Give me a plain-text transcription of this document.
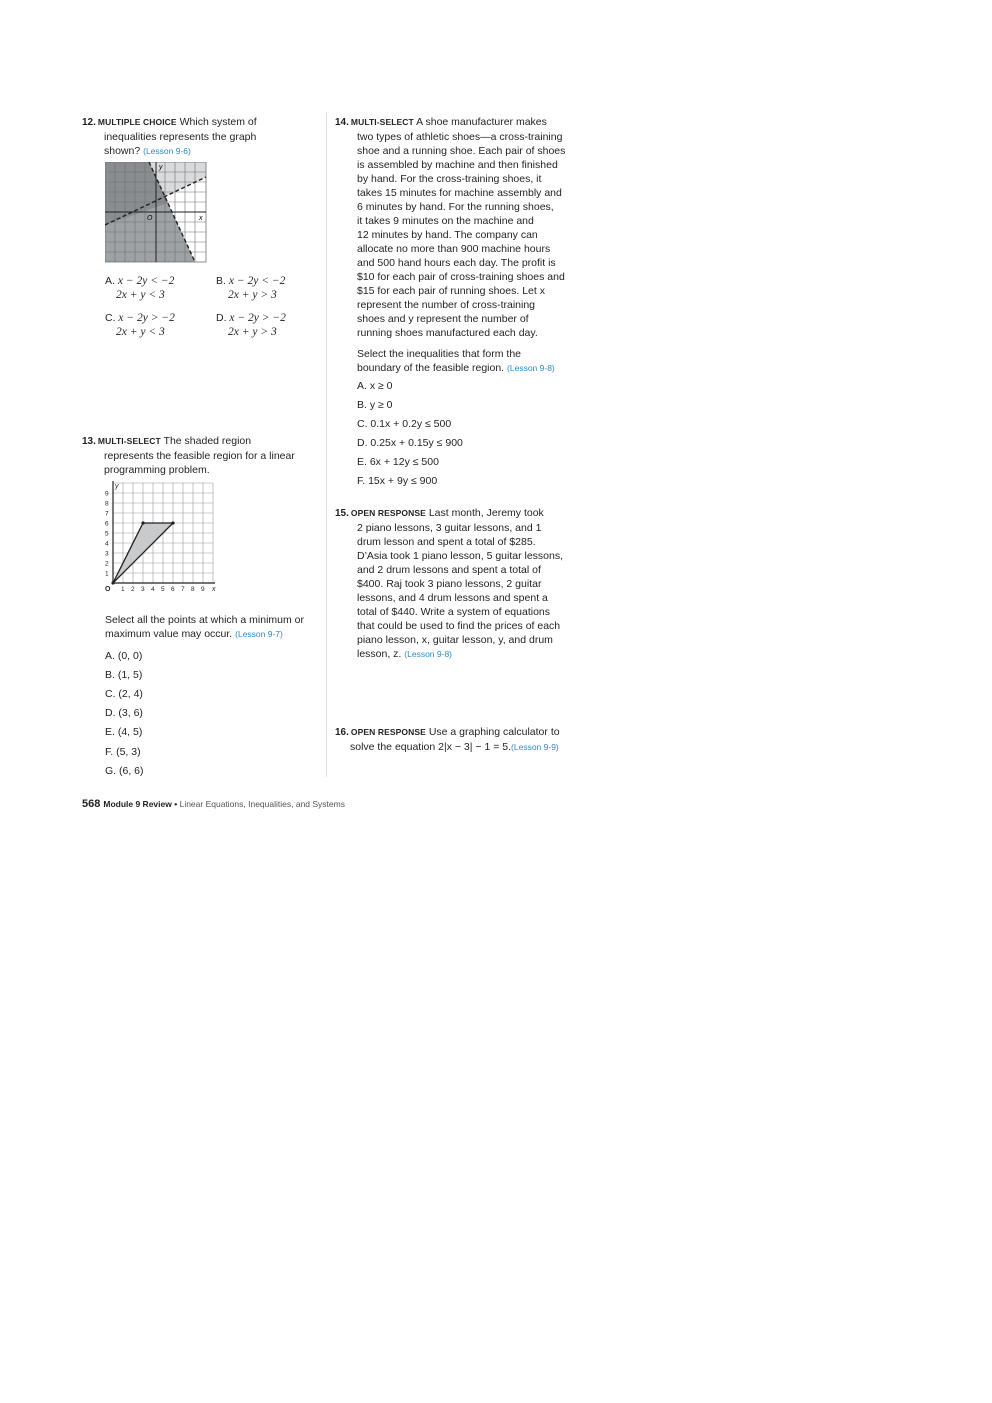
12. MULTIPLE CHOICE Which system of
inequalities represents the graph
shown? (Lesson 9-6)
O	x
y
A. x − 2y < −2
2x + y < 3
B. x − 2y < −2
2x + y > 3
C. x − 2y > −2
2x + y < 3
D. x − 2y > −2
2x + y > 3
13. MULTI-SELECT The shaded region
represents the feasible region for a linear
programming problem.
1 2 3 4 5 6 7 8 9
1
2
3
4
5
6
7
8
9
O	x
y
Select all the points at which a minimum or
maximum value may occur. (Lesson 9-7)
A. (0, 0)
B. (1, 5)
C. (2, 4)
D. (3, 6)
E. (4, 5)
F. (5, 3)
G. (6, 6)
14. MULTI-SELECT A shoe manufacturer makes
two types of athletic shoes—a cross-training
shoe and a running shoe. Each pair of shoes
is assembled by machine and then finished
by hand. For the cross-training shoes, it
takes 15 minutes for machine assembly and
6 minutes by hand. For the running shoes,
it takes 9 minutes on the machine and
12 minutes by hand. The company can
allocate no more than 900 machine hours
and 500 hand hours each day. The profit is
$10 for each pair of cross-training shoes and
$15 for each pair of running shoes. Let x
represent the number of cross-training
shoes and y represent the number of
running shoes manufactured each day.
Select the inequalities that form the
boundary of the feasible region. (Lesson 9-8)
A. x ≥ 0
B. y ≥ 0
C. 0.1x + 0.2y ≤ 500
D. 0.25x + 0.15y ≤ 900
E. 6x + 12y ≤ 500
F. 15x + 9y ≤ 900
15. OPEN RESPONSE Last month, Jeremy took
2 piano lessons, 3 guitar lessons, and 1
drum lesson and spent a total of $285.
D’Asia took 1 piano lesson, 5 guitar lessons,
and 2 drum lessons and spent a total of
$400. Raj took 3 piano lessons, 2 guitar
lessons, and 4 drum lessons and spent a
total of $440. Write a system of equations
that could be used to find the prices of each
piano lesson, x, guitar lesson, y, and drum
lesson, z. (Lesson 9-8)
16. OPEN RESPONSE Use a graphing calculator to
solve the equation 2|x − 3| − 1 = 5.(Lesson 9-9)
568 Module 9 Review • Linear Equations, Inequalities, and Systems
